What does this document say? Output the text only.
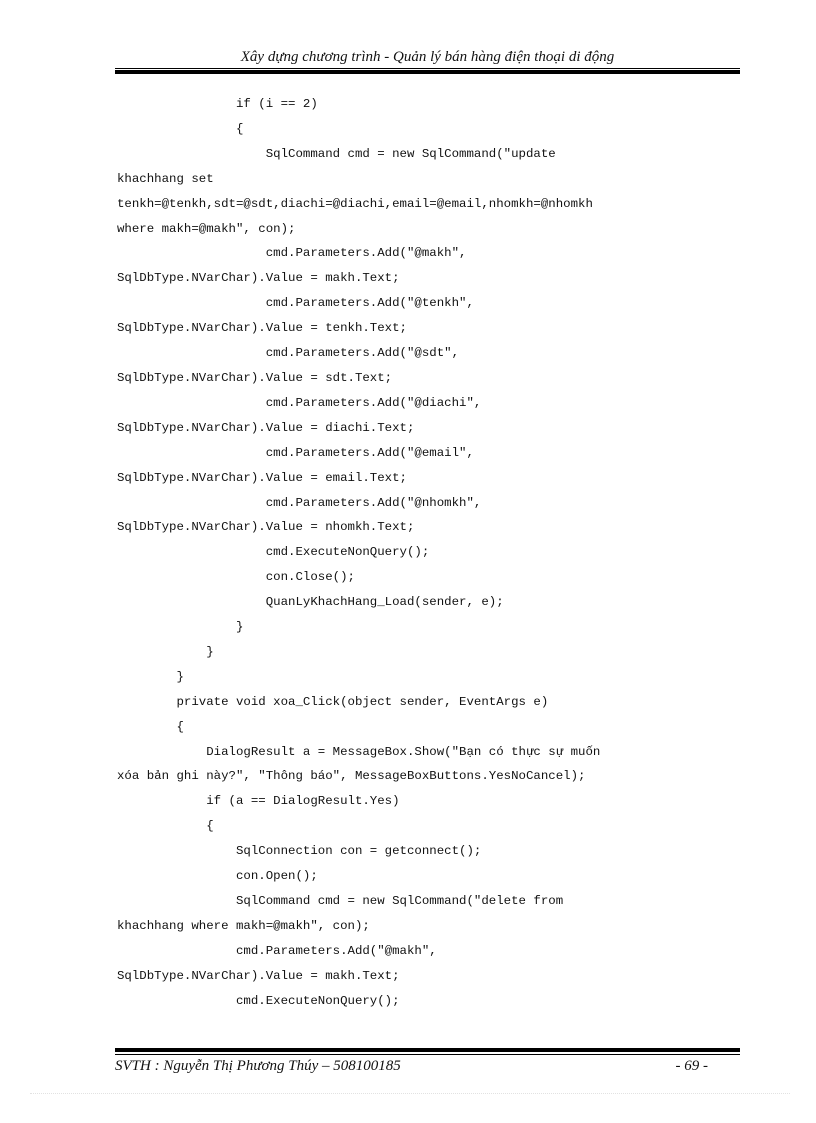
Xây dựng chương trình - Quản lý bán hàng điện thoại di động
if (i == 2)
{
SqlCommand cmd = new SqlCommand("update
khachhang set
tenkh=@tenkh,sdt=@sdt,diachi=@diachi,email=@email,nhomkh=@nhomkh
where makh=@makh", con);
cmd.Parameters.Add("@makh",
SqlDbType.NVarChar).Value = makh.Text;
cmd.Parameters.Add("@tenkh",
SqlDbType.NVarChar).Value = tenkh.Text;
cmd.Parameters.Add("@sdt",
SqlDbType.NVarChar).Value = sdt.Text;
cmd.Parameters.Add("@diachi",
SqlDbType.NVarChar).Value = diachi.Text;
cmd.Parameters.Add("@email",
SqlDbType.NVarChar).Value = email.Text;
cmd.Parameters.Add("@nhomkh",
SqlDbType.NVarChar).Value = nhomkh.Text;
cmd.ExecuteNonQuery();
con.Close();
QuanLyKhachHang_Load(sender, e);
}
}
}
private void xoa_Click(object sender, EventArgs e)
{
DialogResult a = MessageBox.Show("Bạn có thực sự muốn
xóa bản ghi này?", "Thông báo", MessageBoxButtons.YesNoCancel);
if (a == DialogResult.Yes)
{
SqlConnection con = getconnect();
con.Open();
SqlCommand cmd = new SqlCommand("delete from
khachhang where makh=@makh", con);
cmd.Parameters.Add("@makh",
SqlDbType.NVarChar).Value = makh.Text;
cmd.ExecuteNonQuery();
SVTH : Nguyễn Thị Phương Thúy – 508100185	- 69 -
